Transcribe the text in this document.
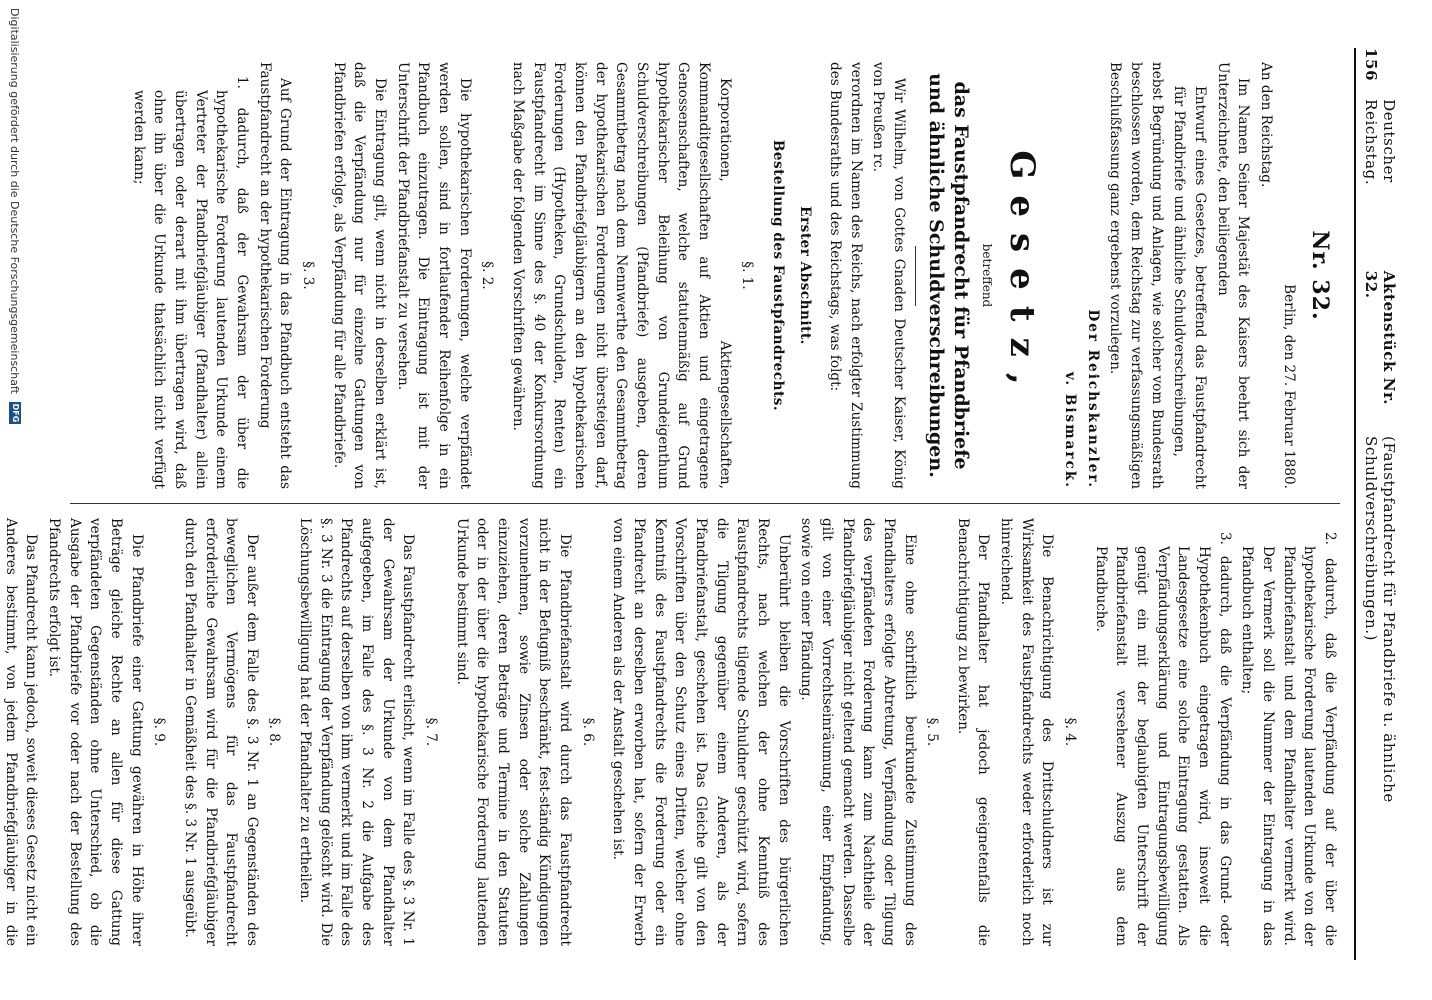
156
Deutscher Reichstag.
Aktenstück Nr. 32.
(Faustpfandrecht für Pfandbriefe u. ähnliche Schuldverschreibungen.)

Nr. 32.

Berlin, den 27. Februar 1880.

An den Reichstag.

Im Namen Seiner Majestät des Kaisers beehrt sich der Unterzeichnete, den beiliegenden

Entwurf eines Gesetzes, betreffend das Faustpfandrecht für Pfandbriefe und ähnliche Schuldverschreibungen,

nebst Begründung und Anlagen, wie solcher vom Bundesrath beschlossen worden, dem Reichstag zur verfassungsmäßigen Beschlußfassung ganz ergebenst vorzulegen.

Der Reichskanzler.

v. Bismarck.

Gesetz,

betreffend

das Faustpfandrecht für Pfandbriefe und ähnliche Schuldverschreibungen.

Wir Wilhelm, von Gottes Gnaden Deutscher Kaiser, König von Preußen rc.

verordnen im Namen des Reichs, nach erfolgter Zustimmung des Bundesraths und des Reichstags, was folgt:

Erster Abschnitt.

Bestellung des Faustpfandrechts.

§. 1.

Korporationen, Aktiengesellschaften, Kommanditgesellschaften auf Aktien und eingetragene Genossenschaften, welche statutenmäßig auf Grund hypothekarischer Beleihung von Grundeigenthum Schuldverschreibungen (Pfandbriefe) ausgeben, deren Gesammtbetrag nach dem Nennwerthe den Gesammtbetrag der hypothekarischen Forderungen nicht übersteigen darf, können den Pfandbriefgläubigern an den hypothekarischen Forderungen (Hypotheken, Grundschulden, Renten) ein Faustpfandrecht im Sinne des §. 40 der Konkursordnung nach Maßgabe der folgenden Vorschriften gewähren.

§. 2.

Die hypothekarischen Forderungen, welche verpfändet werden sollen, sind in fortlaufender Reihenfolge in ein Pfandbuch einzutragen. Die Eintragung ist mit der Unterschrift der Pfandbriefanstalt zu versehen.

Die Eintragung gilt, wenn nicht in derselben erklärt ist, daß die Verpfändung nur für einzelne Gattungen von Pfandbriefen erfolge, als Verpfändung für alle Pfandbriefe.

§. 3.

Auf Grund der Eintragung in das Pfandbuch entsteht das Faustpfandrecht an der hypothekarischen Forderung

1. dadurch, daß der Gewahrsam der über die hypothekarische Forderung lautenden Urkunde einem Vertreter der Pfandbriefgläubiger (Pfandhalter) allein übertragen oder derart mit ihm übertragen wird, daß ohne ihn über die Urkunde thatsächlich nicht verfügt werden kann;

2. dadurch, daß die Verpfändung auf der über die hypothekarische Forderung lautenden Urkunde von der Pfandbriefanstalt und dem Pfandhalter vermerkt wird. Der Vermerk soll die Nummer der Eintragung in das Pfandbuch enthalten;

3. dadurch, daß die Verpfändung in das Grund- oder Hypothekenbuch eingetragen wird, insoweit die Landesgesetze eine solche Eintragung gestatten. Als Verpfändungserklärung und Eintragungsbewilligung genügt ein mit der beglaubigten Unterschrift der Pfandbriefanstalt versehener Auszug aus dem Pfandbuche.

§. 4.

Die Benachrichtigung des Drittschuldners ist zur Wirksamkeit des Faustpfandrechts weder erforderlich noch hinreichend.

Der Pfandhalter hat jedoch geeignetenfalls die Benachrichtigung zu bewirken.

§. 5.

Eine ohne schriftlich beurkundete Zustimmung des Pfandhalters erfolgte Abtretung, Verpfändung oder Tilgung des verpfändeten Forderung kann zum Nachtheile der Pfandbriefgläubiger nicht geltend gemacht werden. Dasselbe gilt von einer Vorrechtseinräumung, einer Empfandung, sowie von einer Pfändung.

Unberührt bleiben die Vorschriften des bürgerlichen Rechts, nach welchen der ohne Kenntniß des Faustpfandrechts tilgende Schuldner geschützt wird, sofern die Tilgung gegenüber einem Anderen, als der Pfandbriefanstalt, geschehen ist. Das Gleiche gilt von den Vorschriften über den Schutz eines Dritten, welcher ohne Kenntniß des Faustpfandrechts die Forderung oder ein Pfandrecht an derselben erworben hat, sofern der Erwerb von einem Anderen als der Anstalt geschehen ist.

§. 6.

Die Pfandbriefanstalt wird durch das Faustpfandrecht nicht in der Befugniß beschränkt, fest-ständig Kündigungen vorzunehmen, sowie Zinsen oder solche Zahlungen einzuziehen, deren Beträge und Termine in den Statuten oder in der über die hypothekarische Forderung lautenden Urkunde bestimmt sind.

§. 7.

Das Faustpfandrecht erlischt, wenn im Falle des §. 3 Nr. 1 der Gewahrsam der Urkunde von dem Pfandhalter aufgegeben, im Falle des §. 3 Nr. 2 die Aufgabe des Pfandrechts auf derselben von ihm vermerkt und im Falle des §. 3 Nr. 3 die Eintragung der Verpfändung gelöscht wird. Die Löschungsbewilligung hat der Pfandhalter zu ertheilen.

§. 8.

Der außer dem Falle des §. 3 Nr. 1 an Gegenständen des beweglichen Vermögens für das Faustpfandrecht erforderliche Gewahrsam wird für die Pfandbriefgläubiger durch den Pfandhalter in Gemäßheit des §. 3 Nr. 1 ausgeübt.

§. 9.

Die Pfandbriefe einer Gattung gewähren in Höhe ihrer Beträge gleiche Rechte an allen für diese Gattung verpfändeten Gegenständen ohne Unterschied, ob die Ausgabe der Pfandbriefe vor oder nach der Bestellung des Pfandrechts erfolgt ist.

Das Pfandrecht kann jedoch, soweit dieses Gesetz nicht ein Anderes bestimmt, von jedem Pfandbriefgläubiger in die

Digitalisierung gefördert durch die Deutsche Forschungsgemeinschaft
DFG
